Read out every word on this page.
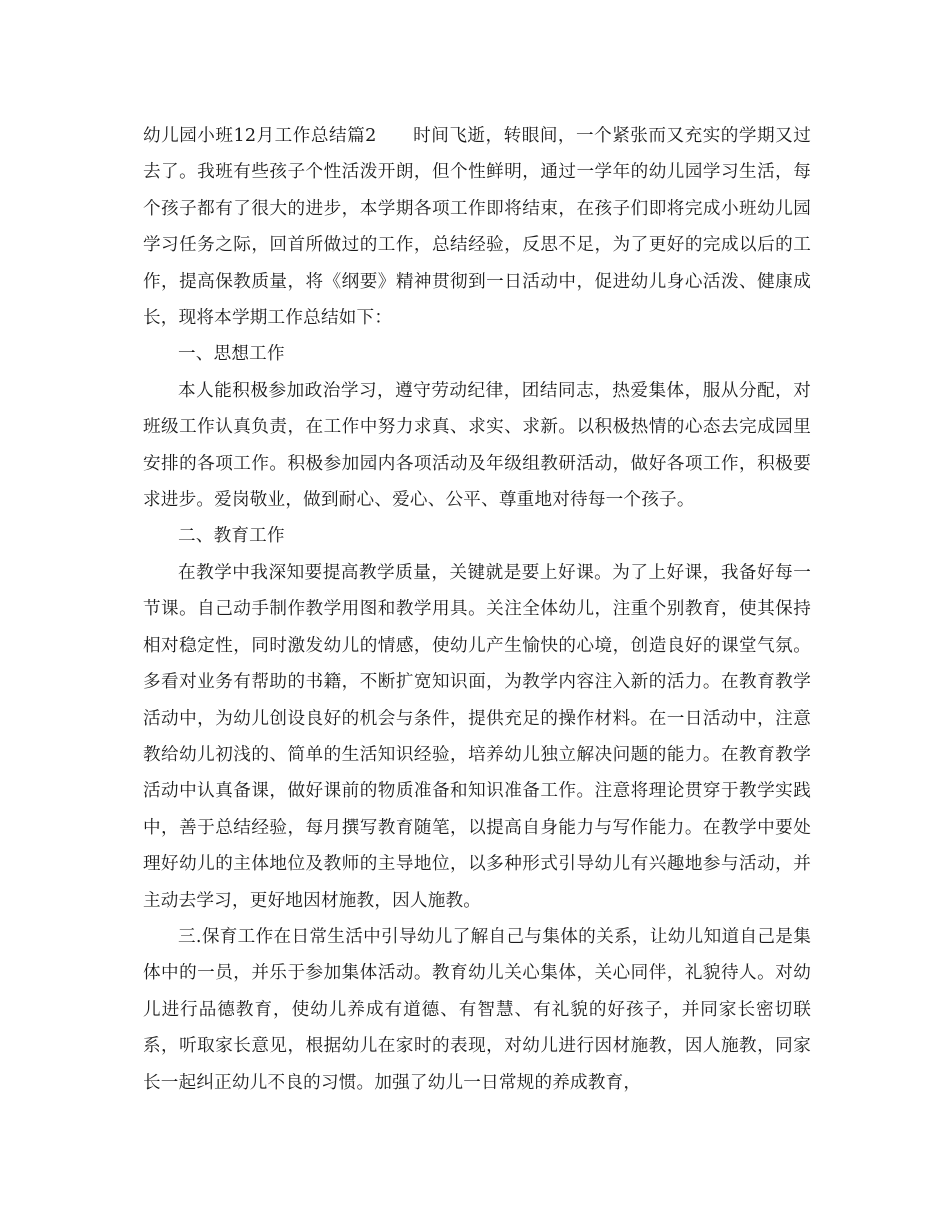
幼儿园小班12月工作总结篇2 时间飞逝，转眼间，一个紧张而又充实的学期又过去了。我班有些孩子个性活泼开朗，但个性鲜明，通过一学年的幼儿园学习生活，每个孩子都有了很大的进步，本学期各项工作即将结束，在孩子们即将完成小班幼儿园学习任务之际，回首所做过的工作，总结经验，反思不足，为了更好的完成以后的工作，提高保教质量，将《纲要》精神贯彻到一日活动中，促进幼儿身心活泼、健康成长，现将本学期工作总结如下：

一、思想工作

本人能积极参加政治学习，遵守劳动纪律，团结同志，热爱集体，服从分配，对班级工作认真负责，在工作中努力求真、求实、求新。以积极热情的心态去完成园里安排的各项工作。积极参加园内各项活动及年级组教研活动，做好各项工作，积极要求进步。爱岗敬业，做到耐心、爱心、公平、尊重地对待每一个孩子。

二、教育工作

在教学中我深知要提高教学质量，关键就是要上好课。为了上好课，我备好每一节课。自己动手制作教学用图和教学用具。关注全体幼儿，注重个别教育，使其保持相对稳定性，同时激发幼儿的情感，使幼儿产生愉快的心境，创造良好的课堂气氛。多看对业务有帮助的书籍，不断扩宽知识面，为教学内容注入新的活力。在教育教学活动中，为幼儿创设良好的机会与条件，提供充足的操作材料。在一日活动中，注意教给幼儿初浅的、简单的生活知识经验，培养幼儿独立解决问题的能力。在教育教学活动中认真备课，做好课前的物质准备和知识准备工作。注意将理论贯穿于教学实践中，善于总结经验，每月撰写教育随笔，以提高自身能力与写作能力。在教学中要处理好幼儿的主体地位及教师的主导地位，以多种形式引导幼儿有兴趣地参与活动，并主动去学习，更好地因材施教，因人施教。

三.保育工作在日常生活中引导幼儿了解自己与集体的关系，让幼儿知道自己是集体中的一员，并乐于参加集体活动。教育幼儿关心集体，关心同伴，礼貌待人。对幼儿进行品德教育，使幼儿养成有道德、有智慧、有礼貌的好孩子，并同家长密切联系，听取家长意见，根据幼儿在家时的表现，对幼儿进行因材施教，因人施教，同家长一起纠正幼儿不良的习惯。加强了幼儿一日常规的养成教育，
